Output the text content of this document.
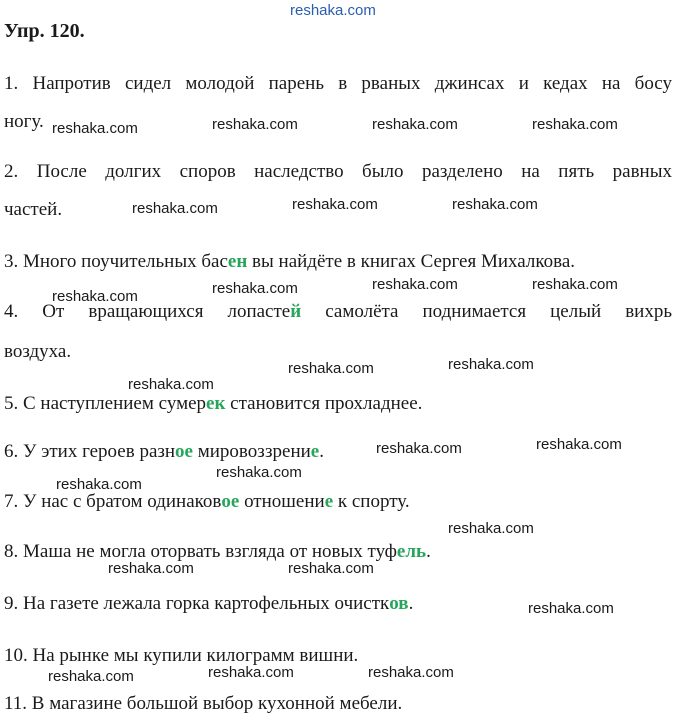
reshaka.com
Упр. 120.
1. Напротив сидел молодой парень в рваных джинсах и кедах на босу
ногу.
2. После долгих споров наследство было разделено на пять равных
частей.
3. Много поучительных басен вы найдёте в книгах Сергея Михалкова.
4. От вращающихся лопастей самолёта поднимается целый вихрь
воздуха.
5. С наступлением сумерек становится прохладнее.
6. У этих героев разное мировоззрение.
7. У нас с братом одинаковое отношение к спорту.
8. Маша не могла оторвать взгляда от новых туфель.
9. На газете лежала горка картофельных очистков.
10. На рынке мы купили килограмм вишни.
11. В магазине большой выбор кухонной мебели.
reshaka.com	reshaka.com	reshaka.com	reshaka.com
reshaka.com	reshaka.com	reshaka.com
reshaka.com	reshaka.com	reshaka.com	reshaka.com
reshaka.com
reshaka.com	reshaka.com
reshaka.com	reshaka.com
reshaka.com
reshaka.com
reshaka.com
reshaka.com	reshaka.com
reshaka.com
reshaka.com	reshaka.com	reshaka.com
